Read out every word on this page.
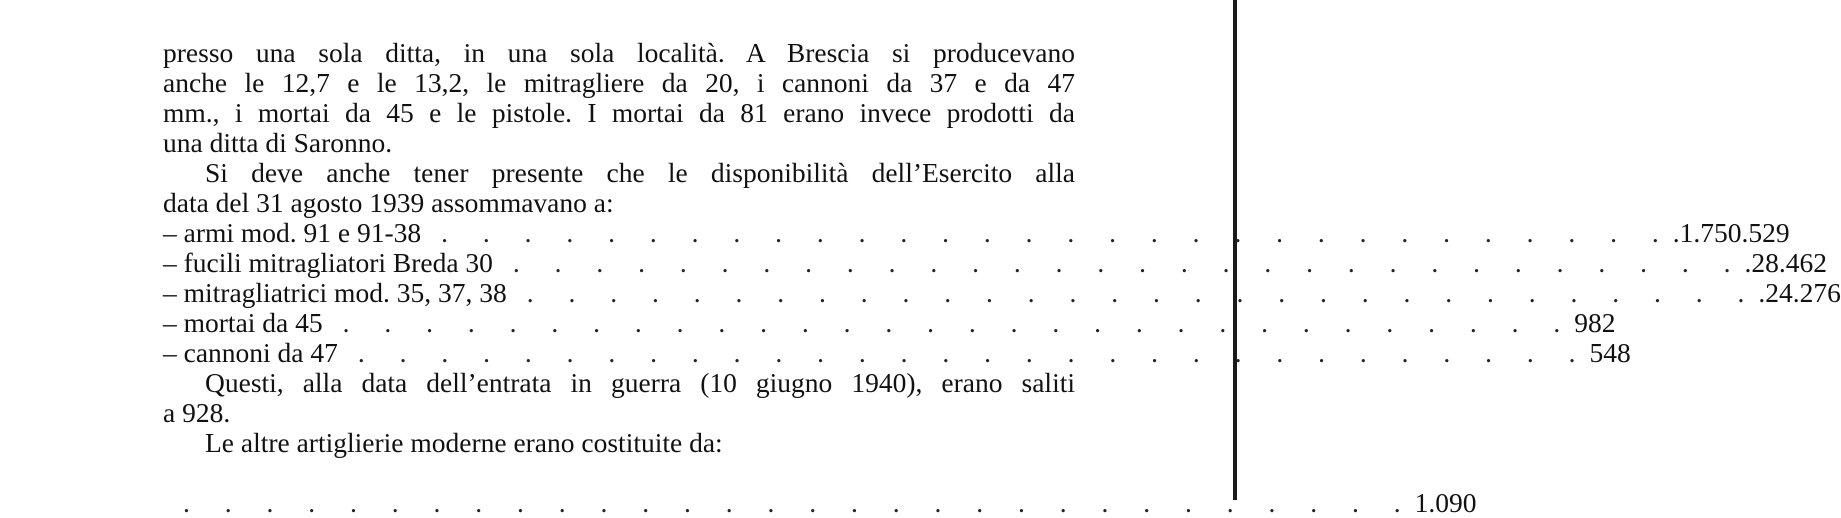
presso una sola ditta, in una sola località. A Brescia si producevano
anche le 12,7 e le 13,2, le mitragliere da 20, i cannoni da 37 e da 47
mm., i mortai da 45 e le pistole. I mortai da 81 erano invece prodotti da
una ditta di Saronno.
Si deve anche tener presente che le disponibilità dell’Esercito alla
data del 31 agosto 1939 assommavano a:
– armi mod. 91 e 91-38 . . . . . . . . . . . . . . . . . . . . . . . . . . . . . . .1.750.529
– fucili mitragliatori Breda 30 . . . . . . . . . . . . . . . . . . . . . . . . . . . . . . .28.462
– mitragliatrici mod. 35, 37, 38 . . . . . . . . . . . . . . . . . . . . . . . . . . . . . . .24.276
– mortai da 45 . . . . . . . . . . . . . . . . . . . . . . . . . . . . . . 982
– cannoni da 47 . . . . . . . . . . . . . . . . . . . . . . . . . . . . . . 548
Questi, alla data dell’entrata in guerra (10 giugno 1940), erano saliti
a 928.
Le altre artiglierie moderne erano costituite da:
. . . . . . . . . . . . . . . . . . . . . . . . . . . . . . 1.090
